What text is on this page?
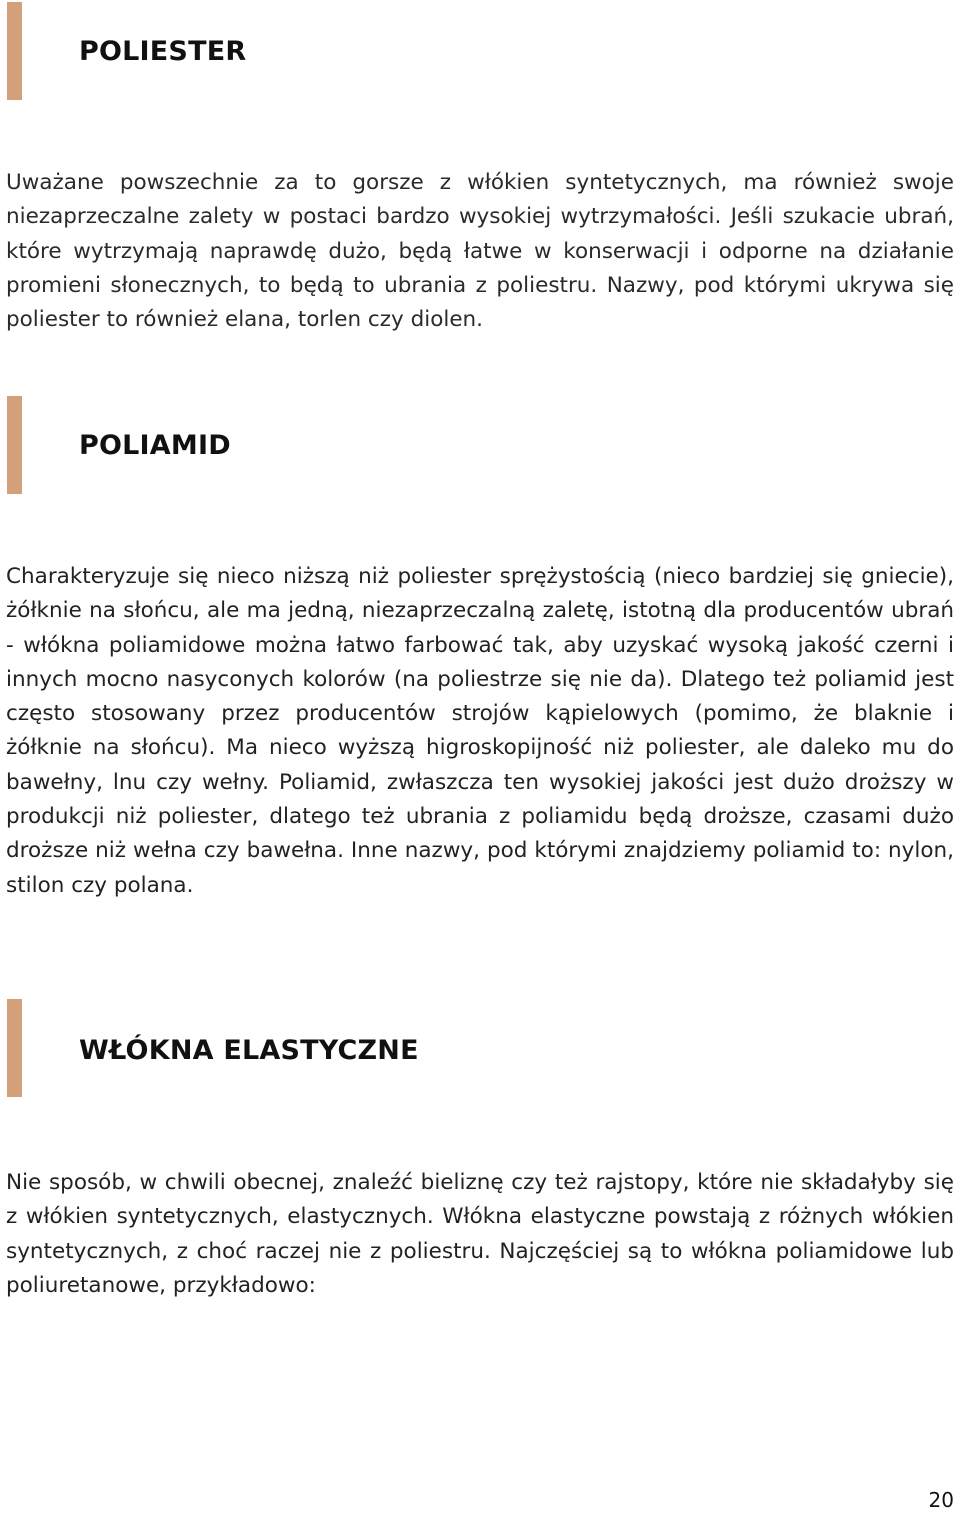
POLIESTER

Uważane powszechnie za to gorsze z włókien syntetycznych, ma również swoje niezaprzeczalne zalety w postaci bardzo wysokiej wytrzymałości. Jeśli szukacie ubrań, które wytrzymają naprawdę dużo, będą łatwe w konserwacji i odporne na działanie promieni słonecznych, to będą to ubrania z poliestru. Nazwy, pod którymi ukrywa się poliester to również elana, torlen czy diolen.

POLIAMID

Charakteryzuje się nieco niższą niż poliester sprężystością (nieco bardziej się gniecie), żółknie na słońcu, ale ma jedną, niezaprzeczalną zaletę, istotną dla producentów ubrań - włókna poliamidowe można łatwo farbować tak, aby uzyskać wysoką jakość czerni i innych mocno nasyconych kolorów (na poliestrze się nie da). Dlatego też poliamid jest często stosowany przez producentów strojów kąpielowych (pomimo, że blaknie i żółknie na słońcu). Ma nieco wyższą higroskopijność niż poliester, ale daleko mu do bawełny, lnu czy wełny. Poliamid, zwłaszcza ten wysokiej jakości jest dużo droższy w produkcji niż poliester, dlatego też ubrania z poliamidu będą droższe, czasami dużo droższe niż wełna czy bawełna. Inne nazwy, pod którymi znajdziemy poliamid to: nylon, stilon czy polana.

WŁÓKNA ELASTYCZNE

Nie sposób, w chwili obecnej, znaleźć bieliznę czy też rajstopy, które nie składałyby się z włókien syntetycznych, elastycznych. Włókna elastyczne powstają z różnych włókien syntetycznych, z choć raczej nie z poliestru. Najczęściej są to włókna poliamidowe lub poliuretanowe, przykładowo:

20
